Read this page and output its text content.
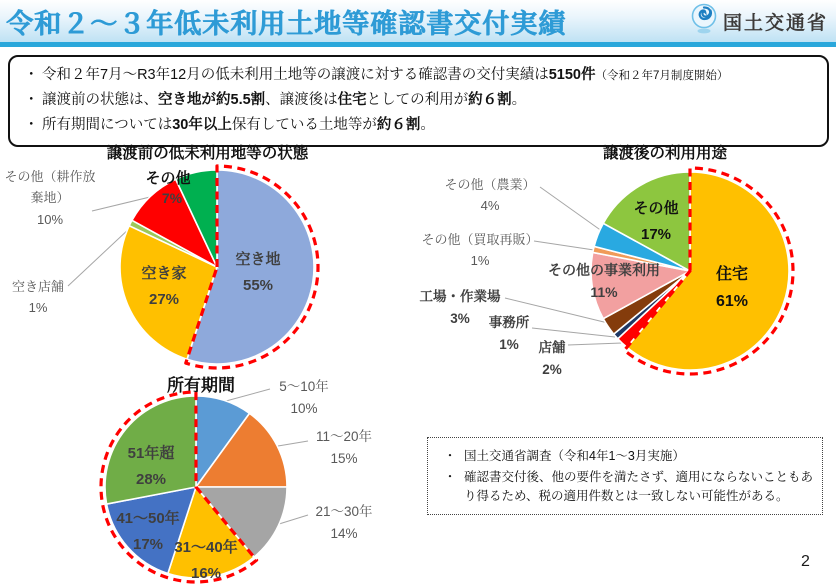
令和２～３年低未利用土地等確認書交付実績	国土交通省
・ 令和２年7月～R3年12月の低未利用土地等の譲渡に対する確認書の交付実績は5150件（令和２年7月制度開始）
・ 譲渡前の状態は、空き地が約5.5割、譲渡後は住宅としての利用が約６割。
・ 所有期間については30年以上保有している土地等が約６割。
譲渡前の低未利用地等の状態
その他
7%
空き地
55%
空き家
27%
その他（耕作放棄地）
10%
空き店舗
1%
譲渡後の利用用途
その他
17%
住宅
61%
その他（農業）
4%
その他（買取再販）
1%
その他の事業利用
11%
工場・作業場
3%	事務所
1%	店舗
2%
所有期間
51年超
28%
41～50年
17% 31～40年
16%
5～10年
10%
11～20年
15%
21～30年
14%
・ 国土交通省調査（令和4年1～3月実施）
・ 確認書交付後、他の要件を満たさず、適用にならないこともあり得るため、税の適用件数とは一致しない可能性がある。
2
